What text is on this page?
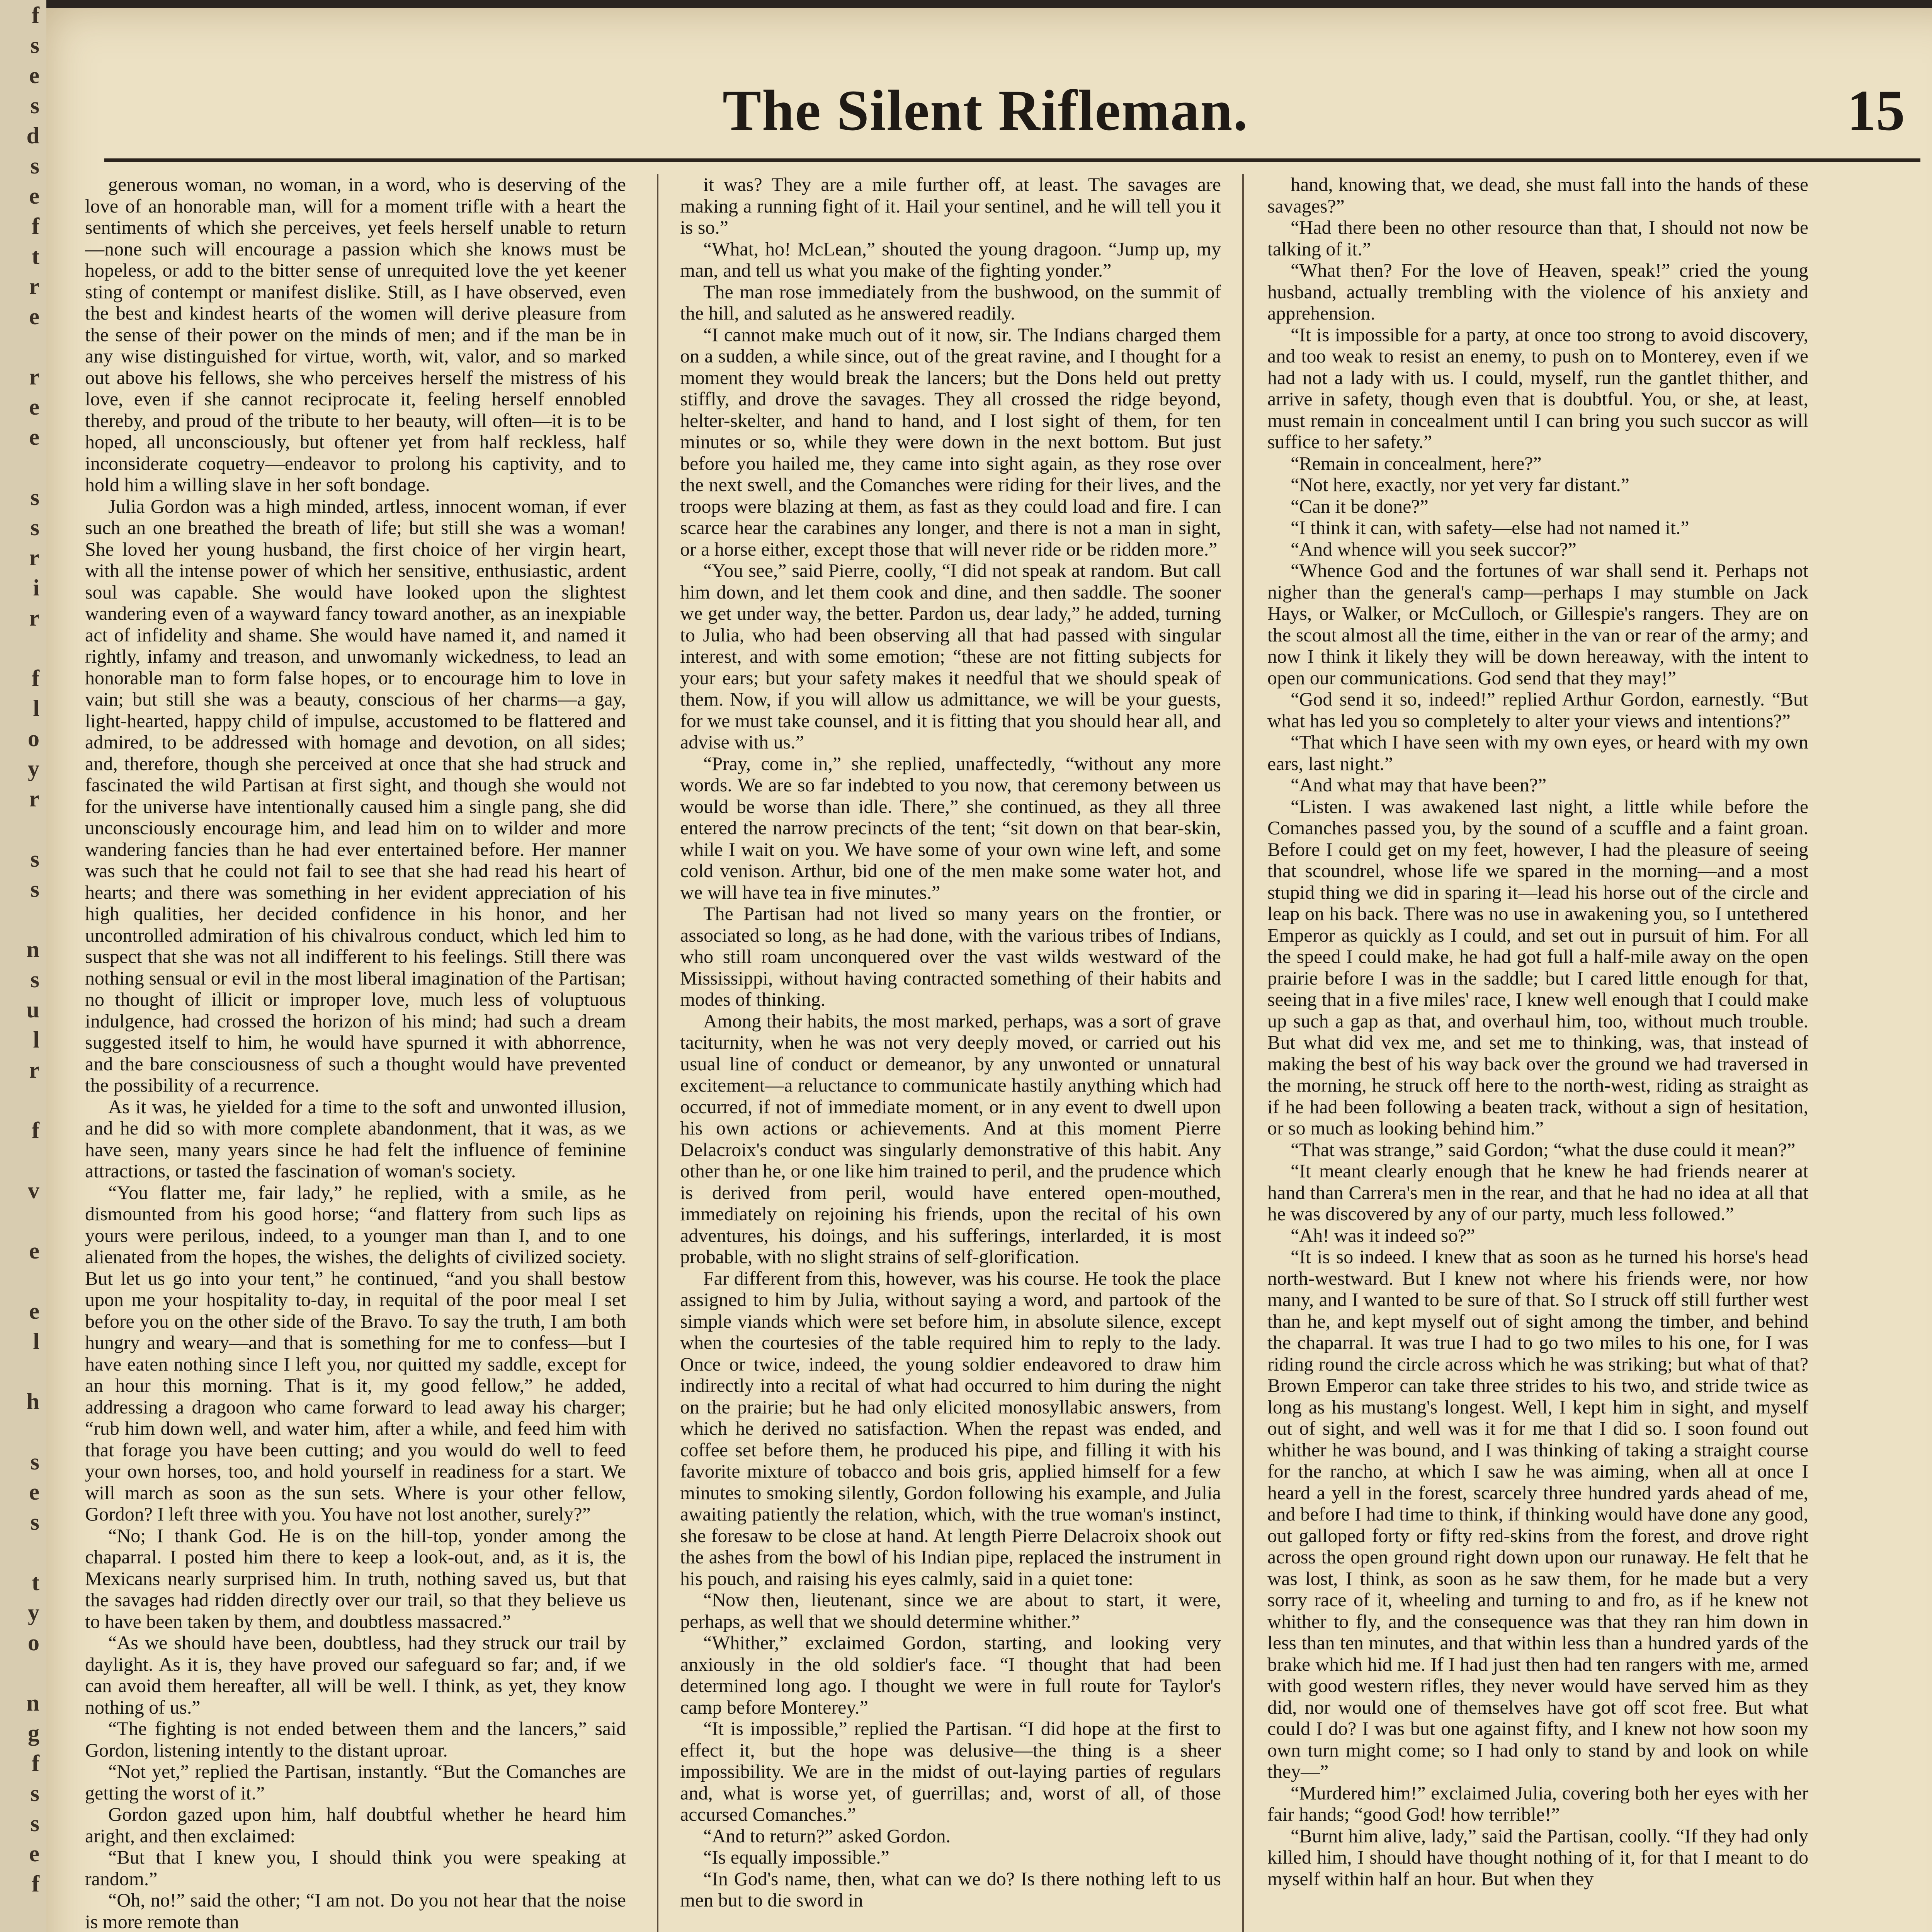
f
s
e
s
d
s
e
f
t
r
e

r
e
e

s
s
r
i
r

f
l
o
y
r

s
s

n
s
u
l
r

f

v

e

e
l

h

s
e
s

t
y
o

n
g
f
s
s
e
f
The Silent Rifleman.	15

generous woman, no woman, in a word, who is deserving of the love of an honorable man, will for a moment trifle with a heart the sentiments of which she perceives, yet feels herself unable to return—none such will encourage a passion which she knows must be hopeless, or add to the bitter sense of unrequited love the yet keener sting of contempt or manifest dislike. Still, as I have observed, even the best and kindest hearts of the women will derive pleasure from the sense of their power on the minds of men; and if the man be in any wise distinguished for virtue, worth, wit, valor, and so marked out above his fellows, she who perceives herself the mistress of his love, even if she cannot reciprocate it, feeling herself ennobled thereby, and proud of the tribute to her beauty, will often—it is to be hoped, all unconsciously, but oftener yet from half reckless, half inconsiderate coquetry—endeavor to prolong his captivity, and to hold him a willing slave in her soft bondage.

Julia Gordon was a high minded, artless, innocent woman, if ever such an one breathed the breath of life; but still she was a woman! She loved her young husband, the first choice of her virgin heart, with all the intense power of which her sensitive, enthusiastic, ardent soul was capable. She would have looked upon the slightest wandering even of a wayward fancy toward another, as an inexpiable act of infidelity and shame. She would have named it, and named it rightly, infamy and treason, and unwomanly wickedness, to lead an honorable man to form false hopes, or to encourage him to love in vain; but still she was a beauty, conscious of her charms—a gay, light-hearted, happy child of impulse, accustomed to be flattered and admired, to be addressed with homage and devotion, on all sides; and, therefore, though she perceived at once that she had struck and fascinated the wild Partisan at first sight, and though she would not for the universe have intentionally caused him a single pang, she did unconsciously encourage him, and lead him on to wilder and more wandering fancies than he had ever entertained before. Her manner was such that he could not fail to see that she had read his heart of hearts; and there was something in her evident appreciation of his high qualities, her decided confidence in his honor, and her uncontrolled admiration of his chivalrous conduct, which led him to suspect that she was not all indifferent to his feelings. Still there was nothing sensual or evil in the most liberal imagination of the Partisan; no thought of illicit or improper love, much less of voluptuous indulgence, had crossed the horizon of his mind; had such a dream suggested itself to him, he would have spurned it with abhorrence, and the bare consciousness of such a thought would have prevented the possibility of a recurrence.

As it was, he yielded for a time to the soft and unwonted illusion, and he did so with more complete abandonment, that it was, as we have seen, many years since he had felt the influence of feminine attractions, or tasted the fascination of woman's society.

“You flatter me, fair lady,” he replied, with a smile, as he dismounted from his good horse; “and flattery from such lips as yours were perilous, indeed, to a younger man than I, and to one alienated from the hopes, the wishes, the delights of civilized society. But let us go into your tent,” he continued, “and you shall bestow upon me your hospitality to-day, in requital of the poor meal I set before you on the other side of the Bravo. To say the truth, I am both hungry and weary—and that is something for me to confess—but I have eaten nothing since I left you, nor quitted my saddle, except for an hour this morning. That is it, my good fellow,” he added, addressing a dragoon who came forward to lead away his charger; “rub him down well, and water him, after a while, and feed him with that forage you have been cutting; and you would do well to feed your own horses, too, and hold yourself in readiness for a start. We will march as soon as the sun sets. Where is your other fellow, Gordon? I left three with you. You have not lost another, surely?”

“No; I thank God. He is on the hill-top, yonder among the chaparral. I posted him there to keep a look-out, and, as it is, the Mexicans nearly surprised him. In truth, nothing saved us, but that the savages had ridden directly over our trail, so that they believe us to have been taken by them, and doubtless massacred.”

“As we should have been, doubtless, had they struck our trail by daylight. As it is, they have proved our safeguard so far; and, if we can avoid them hereafter, all will be well. I think, as yet, they know nothing of us.”

“The fighting is not ended between them and the lancers,” said Gordon, listening intently to the distant uproar.

“Not yet,” replied the Partisan, instantly. “But the Comanches are getting the worst of it.”

Gordon gazed upon him, half doubtful whether he heard him aright, and then exclaimed:

“But that I knew you, I should think you were speaking at random.”

“Oh, no!” said the other; “I am not. Do you not hear that the noise is more remote than

it was? They are a mile further off, at least. The savages are making a running fight of it. Hail your sentinel, and he will tell you it is so.”

“What, ho! McLean,” shouted the young dragoon. “Jump up, my man, and tell us what you make of the fighting yonder.”

The man rose immediately from the bushwood, on the summit of the hill, and saluted as he answered readily.

“I cannot make much out of it now, sir. The Indians charged them on a sudden, a while since, out of the great ravine, and I thought for a moment they would break the lancers; but the Dons held out pretty stiffly, and drove the savages. They all crossed the ridge beyond, helter-skelter, and hand to hand, and I lost sight of them, for ten minutes or so, while they were down in the next bottom. But just before you hailed me, they came into sight again, as they rose over the next swell, and the Comanches were riding for their lives, and the troops were blazing at them, as fast as they could load and fire. I can scarce hear the carabines any longer, and there is not a man in sight, or a horse either, except those that will never ride or be ridden more.”

“You see,” said Pierre, coolly, “I did not speak at random. But call him down, and let them cook and dine, and then saddle. The sooner we get under way, the better. Pardon us, dear lady,” he added, turning to Julia, who had been observing all that had passed with singular interest, and with some emotion; “these are not fitting subjects for your ears; but your safety makes it needful that we should speak of them. Now, if you will allow us admittance, we will be your guests, for we must take counsel, and it is fitting that you should hear all, and advise with us.”

“Pray, come in,” she replied, unaffectedly, “without any more words. We are so far indebted to you now, that ceremony between us would be worse than idle. There,” she continued, as they all three entered the narrow precincts of the tent; “sit down on that bear-skin, while I wait on you. We have some of your own wine left, and some cold venison. Arthur, bid one of the men make some water hot, and we will have tea in five minutes.”

The Partisan had not lived so many years on the frontier, or associated so long, as he had done, with the various tribes of Indians, who still roam unconquered over the vast wilds westward of the Mississippi, without having contracted something of their habits and modes of thinking.

Among their habits, the most marked, perhaps, was a sort of grave taciturnity, when he was not very deeply moved, or carried out his usual line of conduct or demeanor, by any unwonted or unnatural excitement—a reluctance to communicate hastily anything which had occurred, if not of immediate moment, or in any event to dwell upon his own actions or achievements. And at this moment Pierre Delacroix's conduct was singularly demonstrative of this habit. Any other than he, or one like him trained to peril, and the prudence which is derived from peril, would have entered open-mouthed, immediately on rejoining his friends, upon the recital of his own adventures, his doings, and his sufferings, interlarded, it is most probable, with no slight strains of self-glorification.

Far different from this, however, was his course. He took the place assigned to him by Julia, without saying a word, and partook of the simple viands which were set before him, in absolute silence, except when the courtesies of the table required him to reply to the lady. Once or twice, indeed, the young soldier endeavored to draw him indirectly into a recital of what had occurred to him during the night on the prairie; but he had only elicited monosyllabic answers, from which he derived no satisfaction. When the repast was ended, and coffee set before them, he produced his pipe, and filling it with his favorite mixture of tobacco and bois gris, applied himself for a few minutes to smoking silently, Gordon following his example, and Julia awaiting patiently the relation, which, with the true woman's instinct, she foresaw to be close at hand. At length Pierre Delacroix shook out the ashes from the bowl of his Indian pipe, replaced the instrument in his pouch, and raising his eyes calmly, said in a quiet tone:

“Now then, lieutenant, since we are about to start, it were, perhaps, as well that we should determine whither.”

“Whither,” exclaimed Gordon, starting, and looking very anxiously in the old soldier's face. “I thought that had been determined long ago. I thought we were in full route for Taylor's camp before Monterey.”

“It is impossible,” replied the Partisan. “I did hope at the first to effect it, but the hope was delusive—the thing is a sheer impossibility. We are in the midst of out-laying parties of regulars and, what is worse yet, of guerrillas; and, worst of all, of those accursed Comanches.”

“And to return?” asked Gordon.

“Is equally impossible.”

“In God's name, then, what can we do? Is there nothing left to us men but to die sword in

hand, knowing that, we dead, she must fall into the hands of these savages?”

“Had there been no other resource than that, I should not now be talking of it.”

“What then? For the love of Heaven, speak!” cried the young husband, actually trembling with the violence of his anxiety and apprehension.

“It is impossible for a party, at once too strong to avoid discovery, and too weak to resist an enemy, to push on to Monterey, even if we had not a lady with us. I could, myself, run the gantlet thither, and arrive in safety, though even that is doubtful. You, or she, at least, must remain in concealment until I can bring you such succor as will suffice to her safety.”

“Remain in concealment, here?”

“Not here, exactly, nor yet very far distant.”

“Can it be done?”

“I think it can, with safety—else had not named it.”

“And whence will you seek succor?”

“Whence God and the fortunes of war shall send it. Perhaps not nigher than the general's camp—perhaps I may stumble on Jack Hays, or Walker, or McCulloch, or Gillespie's rangers. They are on the scout almost all the time, either in the van or rear of the army; and now I think it likely they will be down hereaway, with the intent to open our communications. God send that they may!”

“God send it so, indeed!” replied Arthur Gordon, earnestly. “But what has led you so completely to alter your views and intentions?”

“That which I have seen with my own eyes, or heard with my own ears, last night.”

“And what may that have been?”

“Listen. I was awakened last night, a little while before the Comanches passed you, by the sound of a scuffle and a faint groan. Before I could get on my feet, however, I had the pleasure of seeing that scoundrel, whose life we spared in the morning—and a most stupid thing we did in sparing it—lead his horse out of the circle and leap on his back. There was no use in awakening you, so I untethered Emperor as quickly as I could, and set out in pursuit of him. For all the speed I could make, he had got full a half-mile away on the open prairie before I was in the saddle; but I cared little enough for that, seeing that in a five miles' race, I knew well enough that I could make up such a gap as that, and overhaul him, too, without much trouble. But what did vex me, and set me to thinking, was, that instead of making the best of his way back over the ground we had traversed in the morning, he struck off here to the north-west, riding as straight as if he had been following a beaten track, without a sign of hesitation, or so much as looking behind him.”

“That was strange,” said Gordon; “what the duse could it mean?”

“It meant clearly enough that he knew he had friends nearer at hand than Carrera's men in the rear, and that he had no idea at all that he was discovered by any of our party, much less followed.”

“Ah! was it indeed so?”

“It is so indeed. I knew that as soon as he turned his horse's head north-westward. But I knew not where his friends were, nor how many, and I wanted to be sure of that. So I struck off still further west than he, and kept myself out of sight among the timber, and behind the chaparral. It was true I had to go two miles to his one, for I was riding round the circle across which he was striking; but what of that? Brown Emperor can take three strides to his two, and stride twice as long as his mustang's longest. Well, I kept him in sight, and myself out of sight, and well was it for me that I did so. I soon found out whither he was bound, and I was thinking of taking a straight course for the rancho, at which I saw he was aiming, when all at once I heard a yell in the forest, scarcely three hundred yards ahead of me, and before I had time to think, if thinking would have done any good, out galloped forty or fifty red-skins from the forest, and drove right across the open ground right down upon our runaway. He felt that he was lost, I think, as soon as he saw them, for he made but a very sorry race of it, wheeling and turning to and fro, as if he knew not whither to fly, and the consequence was that they ran him down in less than ten minutes, and that within less than a hundred yards of the brake which hid me. If I had just then had ten rangers with me, armed with good western rifles, they never would have served him as they did, nor would one of themselves have got off scot free. But what could I do? I was but one against fifty, and I knew not how soon my own turn might come; so I had only to stand by and look on while they—”

“Murdered him!” exclaimed Julia, covering both her eyes with her fair hands; “good God! how terrible!”

“Burnt him alive, lady,” said the Partisan, coolly. “If they had only killed him, I should have thought nothing of it, for that I meant to do myself within half an hour. But when they
